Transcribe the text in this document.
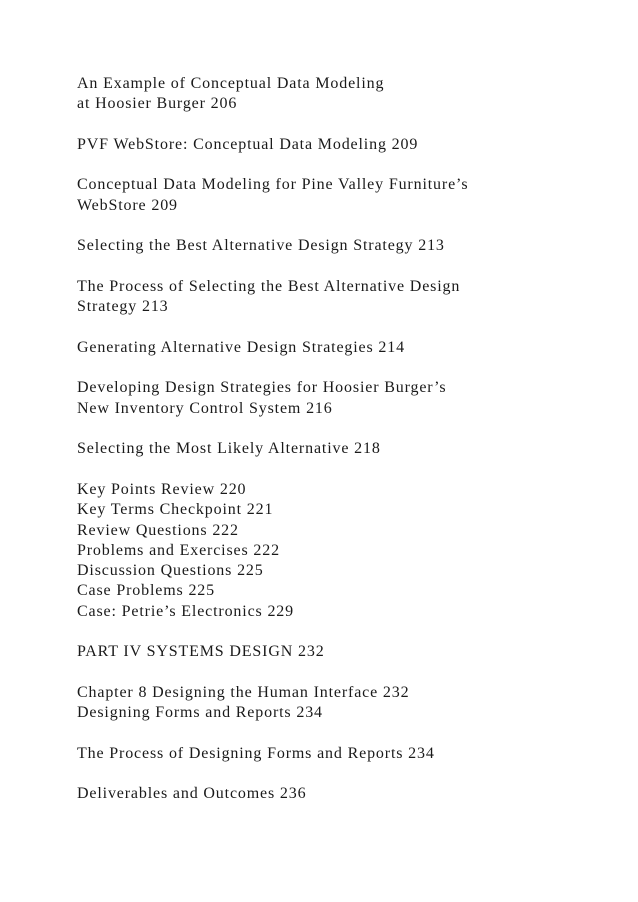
An Example of Conceptual Data Modeling
at Hoosier Burger 206
PVF WebStore: Conceptual Data Modeling 209
Conceptual Data Modeling for Pine Valley Furniture’s
WebStore 209
Selecting the Best Alternative Design Strategy 213
The Process of Selecting the Best Alternative Design
Strategy 213
Generating Alternative Design Strategies 214
Developing Design Strategies for Hoosier Burger’s
New Inventory Control System 216
Selecting the Most Likely Alternative 218
Key Points Review 220
Key Terms Checkpoint 221
Review Questions 222
Problems and Exercises 222
Discussion Questions 225
Case Problems 225
Case: Petrie’s Electronics 229
PART IV SYSTEMS DESIGN 232
Chapter 8 Designing the Human Interface 232
Designing Forms and Reports 234
The Process of Designing Forms and Reports 234
Deliverables and Outcomes 236
